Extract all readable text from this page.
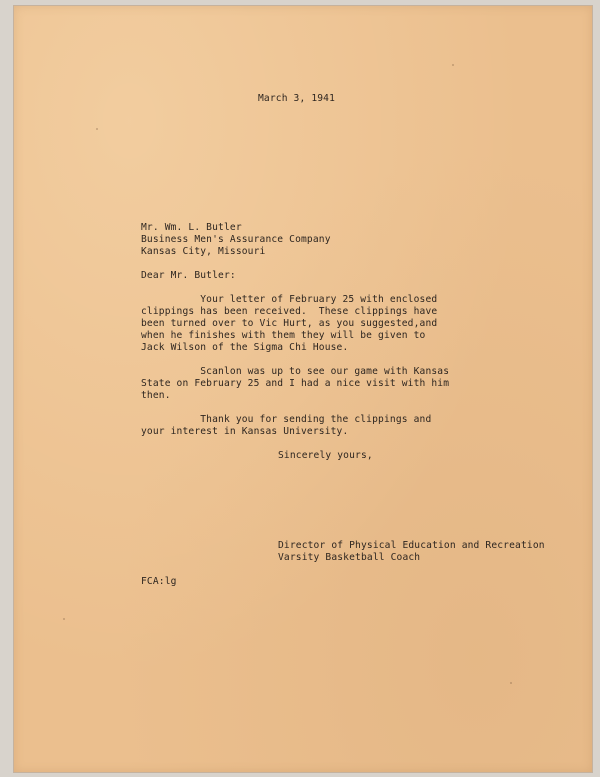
March 3, 1941
Mr. Wm. L. Butler
Business Men's Assurance Company
Kansas City, Missouri
Dear Mr. Butler:
Your letter of February 25 with enclosed
clippings has been received.  These clippings have
been turned over to Vic Hurt, as you suggested,and
when he finishes with them they will be given to
Jack Wilson of the Sigma Chi House.
Scanlon was up to see our game with Kansas
State on February 25 and I had a nice visit with him
then.
Thank you for sending the clippings and
your interest in Kansas University.
Sincerely yours,
Director of Physical Education and Recreation
Varsity Basketball Coach
FCA:lg
